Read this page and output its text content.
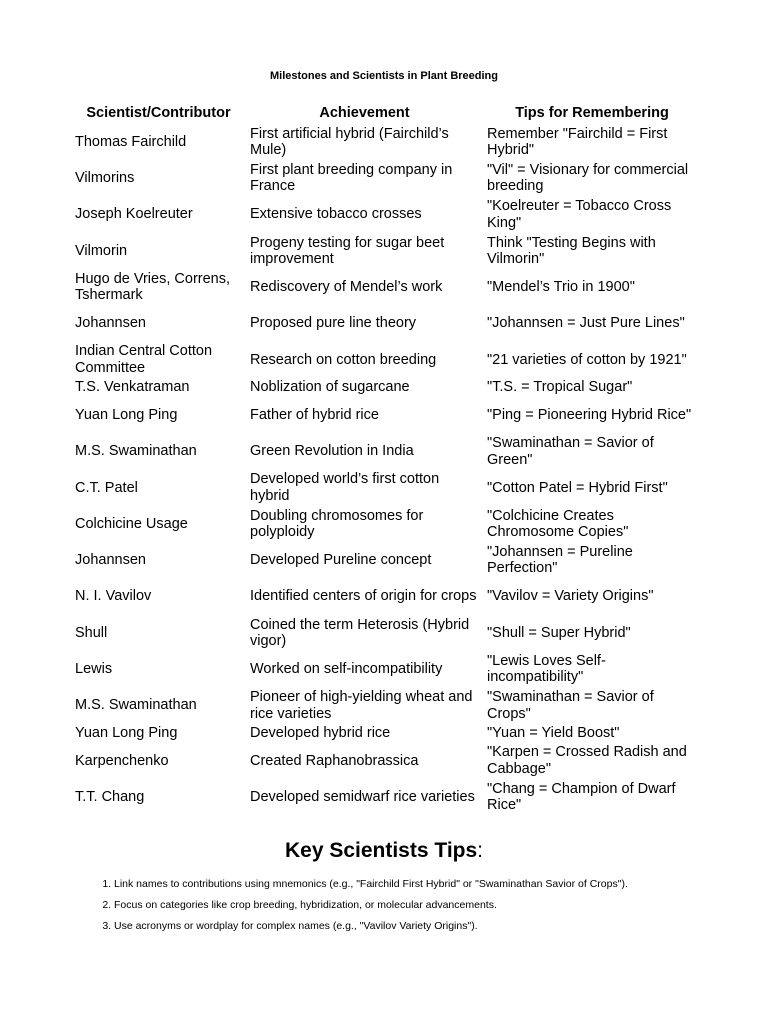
Milestones and Scientists in Plant Breeding
Scientist/Contributor	Achievement	Tips for Remembering
Thomas Fairchild	First artificial hybrid (Fairchild’s Mule)	Remember "Fairchild = First Hybrid"
Vilmorins	First plant breeding company in France	"Vil" = Visionary for commercial breeding
Joseph Koelreuter	Extensive tobacco crosses	"Koelreuter = Tobacco Cross King"
Vilmorin	Progeny testing for sugar beet improvement	Think "Testing Begins with Vilmorin"
Hugo de Vries, Correns, Tshermark	Rediscovery of Mendel’s work	"Mendel’s Trio in 1900"
Johannsen	Proposed pure line theory	"Johannsen = Just Pure Lines"
Indian Central Cotton Committee	Research on cotton breeding	"21 varieties of cotton by 1921"
T.S. Venkatraman	Noblization of sugarcane	"T.S. = Tropical Sugar"
Yuan Long Ping	Father of hybrid rice	"Ping = Pioneering Hybrid Rice"
M.S. Swaminathan	Green Revolution in India	"Swaminathan = Savior of Green"
C.T. Patel	Developed world’s first cotton hybrid	"Cotton Patel = Hybrid First"
Colchicine Usage	Doubling chromosomes for polyploidy	"Colchicine Creates Chromosome Copies"
Johannsen	Developed Pureline concept	"Johannsen = Pureline Perfection"
N. I. Vavilov	Identified centers of origin for crops	"Vavilov = Variety Origins"
Shull	Coined the term Heterosis (Hybrid vigor)	"Shull = Super Hybrid"
Lewis	Worked on self-incompatibility	"Lewis Loves Self-incompatibility"
M.S. Swaminathan	Pioneer of high-yielding wheat and rice varieties	"Swaminathan = Savior of Crops"
Yuan Long Ping	Developed hybrid rice	"Yuan = Yield Boost"
Karpenchenko	Created Raphanobrassica	"Karpen = Crossed Radish and Cabbage"
T.T. Chang	Developed semidwarf rice varieties	"Chang = Champion of Dwarf Rice"
Key Scientists Tips:
1. Link names to contributions using mnemonics (e.g., "Fairchild First Hybrid" or "Swaminathan Savior of Crops").
2. Focus on categories like crop breeding, hybridization, or molecular advancements.
3. Use acronyms or wordplay for complex names (e.g., "Vavilov Variety Origins").
